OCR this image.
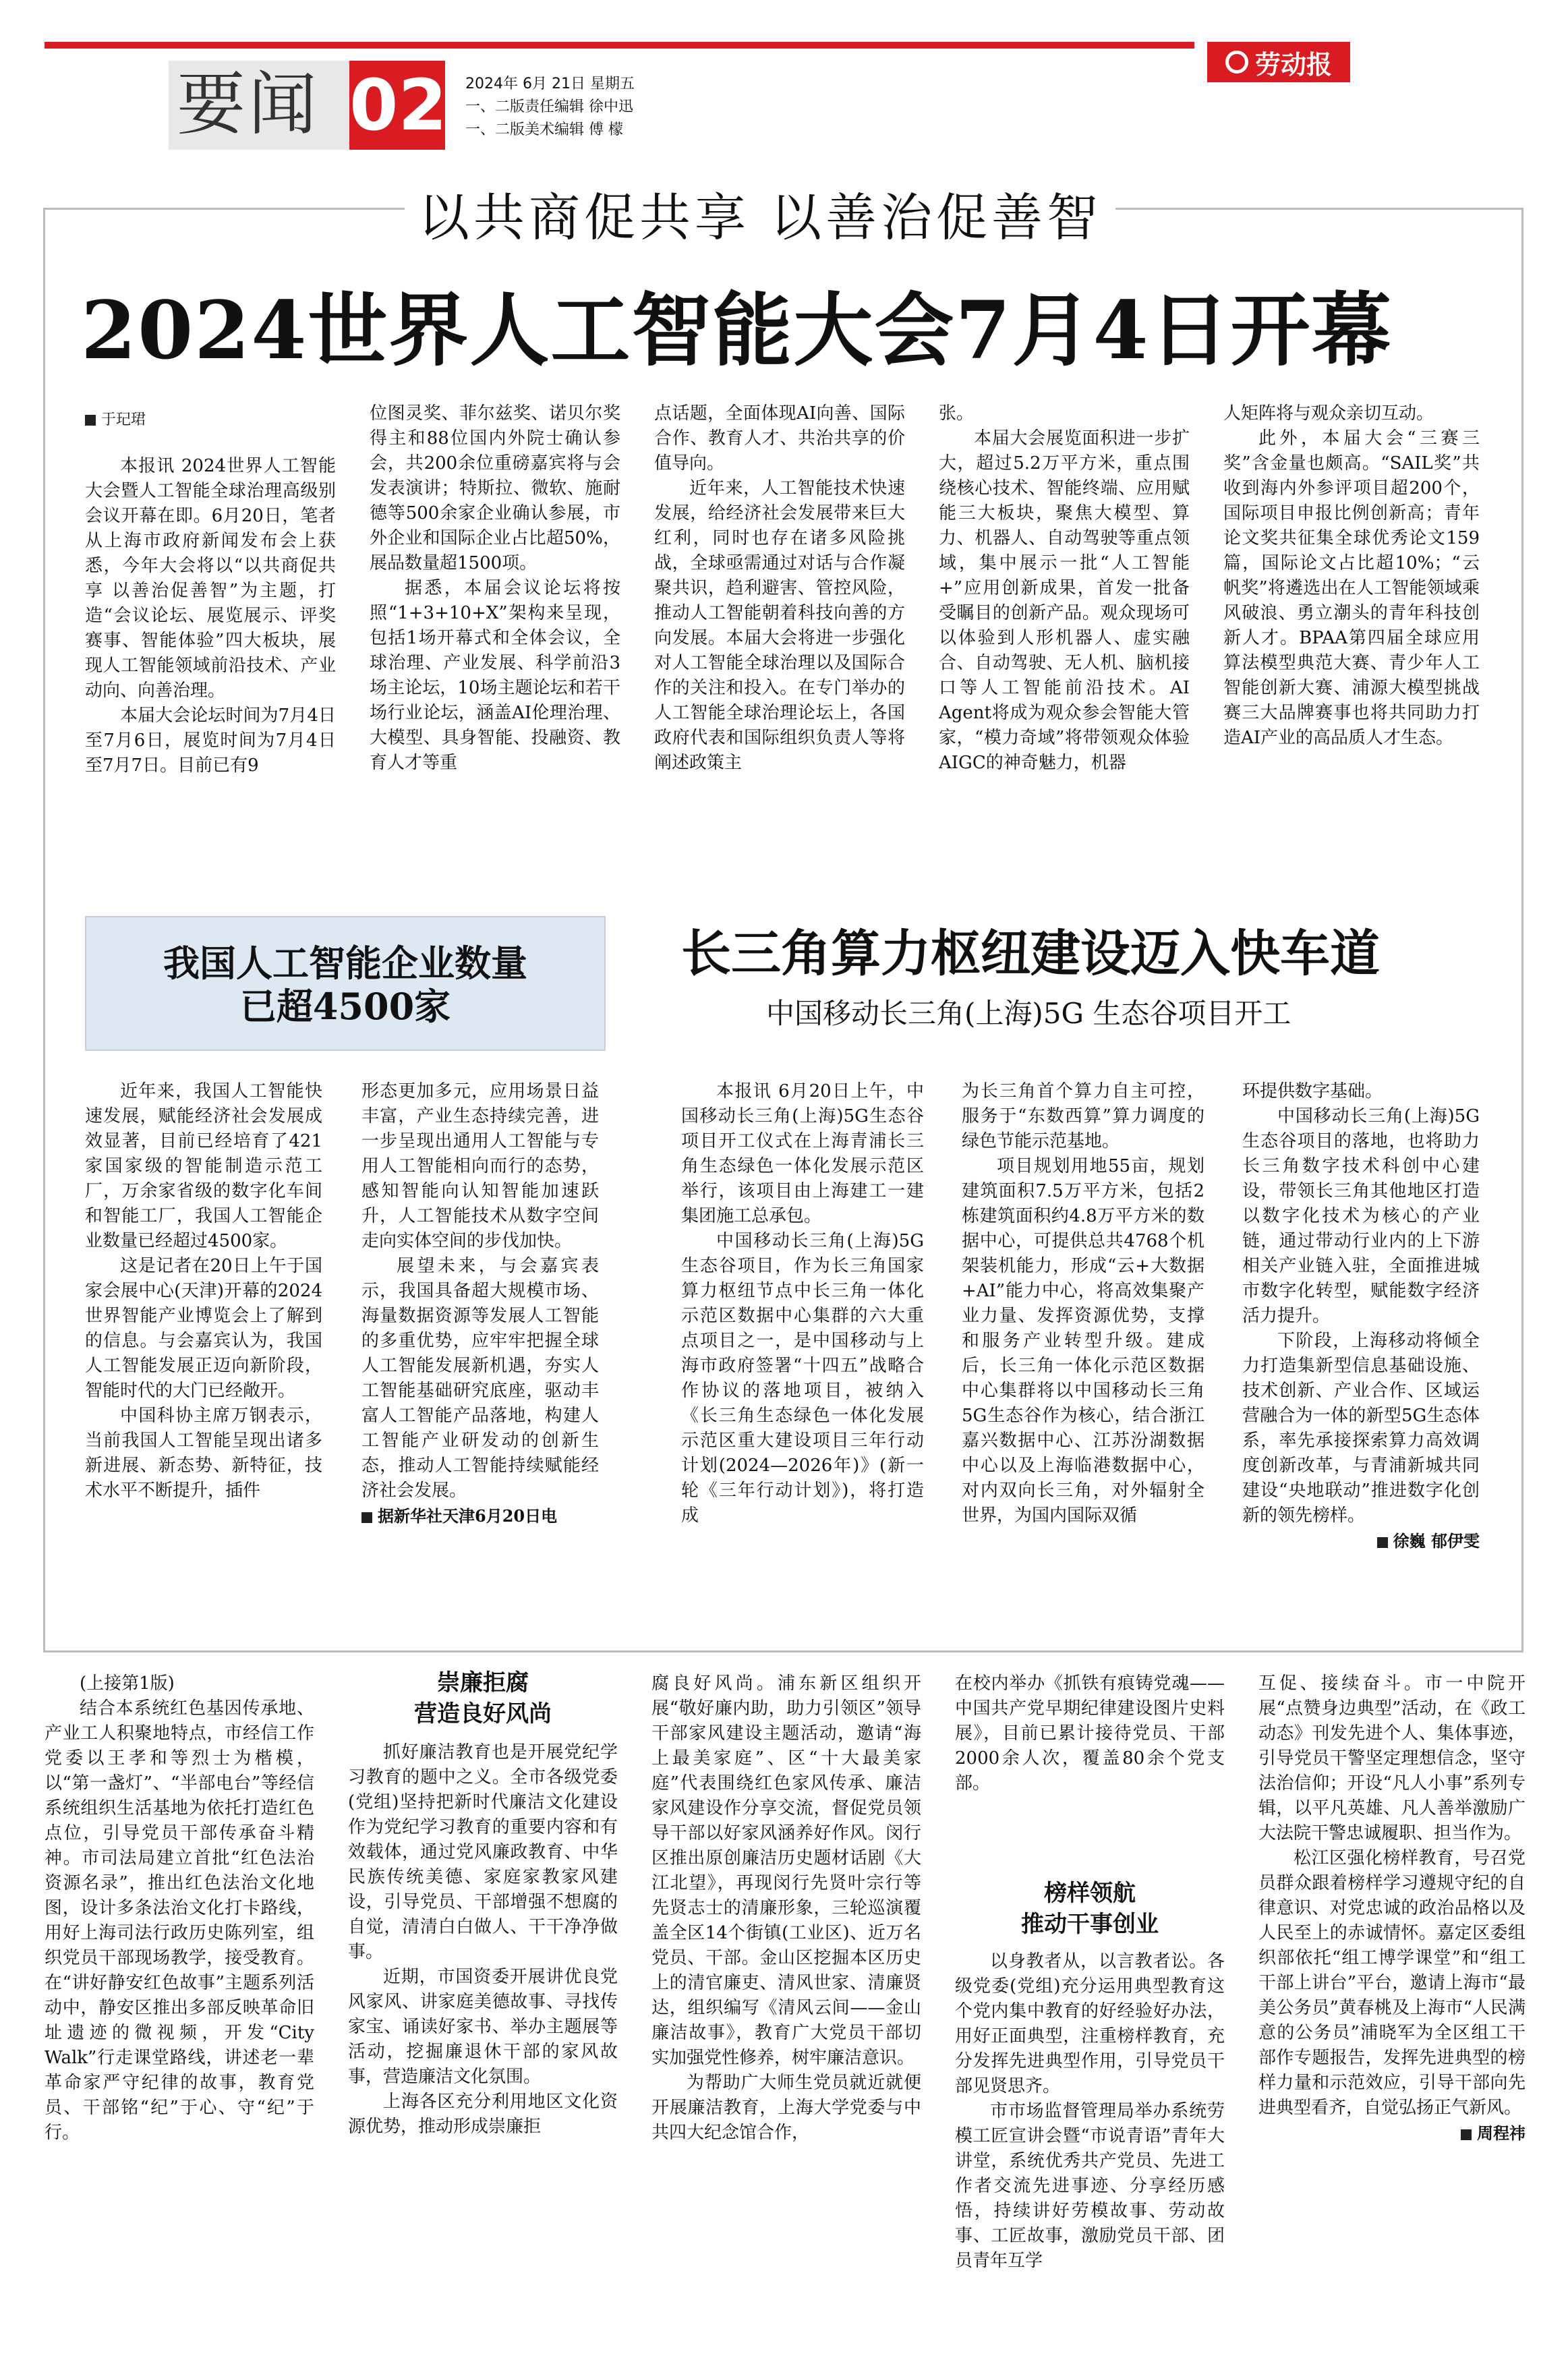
劳动报
要闻 02 2024年 6月 21日 星期五
一、二版责任编辑 徐中迅
一、二版美术编辑 傅 檬
以共商促共享 以善治促善智
2024世界人工智能大会7月4日开幕

于玘珺

本报讯 2024世界人工智能大会暨人工智能全球治理高级别会议开幕在即。6月20日，笔者从上海市政府新闻发布会上获悉，今年大会将以“以共商促共享 以善治促善智”为主题，打造“会议论坛、展览展示、评奖赛事、智能体验”四大板块，展现人工智能领域前沿技术、产业动向、向善治理。

本届大会论坛时间为7月4日至7月6日，展览时间为7月4日至7月7日。目前已有9

位图灵奖、菲尔兹奖、诺贝尔奖得主和88位国内外院士确认参会，共200余位重磅嘉宾将与会发表演讲；特斯拉、微软、施耐德等500余家企业确认参展，市外企业和国际企业占比超50%，展品数量超1500项。

据悉，本届会议论坛将按照“1+3+10+X”架构来呈现，包括1场开幕式和全体会议，全球治理、产业发展、科学前沿3场主论坛，10场主题论坛和若干场行业论坛，涵盖AI伦理治理、大模型、具身智能、投融资、教育人才等重

点话题，全面体现AI向善、国际合作、教育人才、共治共享的价值导向。

近年来，人工智能技术快速发展，给经济社会发展带来巨大红利，同时也存在诸多风险挑战，全球亟需通过对话与合作凝聚共识，趋利避害、管控风险，推动人工智能朝着科技向善的方向发展。本届大会将进一步强化对人工智能全球治理以及国际合作的关注和投入。在专门举办的人工智能全球治理论坛上，各国政府代表和国际组织负责人等将阐述政策主

张。

本届大会展览面积进一步扩大，超过5.2万平方米，重点围绕核心技术、智能终端、应用赋能三大板块，聚焦大模型、算力、机器人、自动驾驶等重点领域，集中展示一批“人工智能+”应用创新成果，首发一批备受瞩目的创新产品。观众现场可以体验到人形机器人、虚实融合、自动驾驶、无人机、脑机接口等人工智能前沿技术。AI Agent将成为观众参会智能大管家，“模力奇域”将带领观众体验AIGC的神奇魅力，机器

人矩阵将与观众亲切互动。

此外，本届大会“三赛三奖”含金量也颇高。“SAIL奖”共收到海内外参评项目超200个，国际项目申报比例创新高；青年论文奖共征集全球优秀论文159篇，国际论文占比超10%；“云帆奖”将遴选出在人工智能领域乘风破浪、勇立潮头的青年科技创新人才。BPAA第四届全球应用算法模型典范大赛、青少年人工智能创新大赛、浦源大模型挑战赛三大品牌赛事也将共同助力打造AI产业的高品质人才生态。

我国人工智能企业数量
已超4500家

近年来，我国人工智能快速发展，赋能经济社会发展成效显著，目前已经培育了421家国家级的智能制造示范工厂，万余家省级的数字化车间和智能工厂，我国人工智能企业数量已经超过4500家。

这是记者在20日上午于国家会展中心(天津)开幕的2024世界智能产业博览会上了解到的信息。与会嘉宾认为，我国人工智能发展正迈向新阶段，智能时代的大门已经敞开。

中国科协主席万钢表示，当前我国人工智能呈现出诸多新进展、新态势、新特征，技术水平不断提升，插件

形态更加多元，应用场景日益丰富，产业生态持续完善，进一步呈现出通用人工智能与专用人工智能相向而行的态势，感知智能向认知智能加速跃升，人工智能技术从数字空间走向实体空间的步伐加快。

展望未来，与会嘉宾表示，我国具备超大规模市场、海量数据资源等发展人工智能的多重优势，应牢牢把握全球人工智能发展新机遇，夯实人工智能基础研究底座，驱动丰富人工智能产品落地，构建人工智能产业研发动的创新生态，推动人工智能持续赋能经济社会发展。

据新华社天津6月20日电

长三角算力枢纽建设迈入快车道
中国移动长三角(上海)5G 生态谷项目开工

本报讯 6月20日上午，中国移动长三角(上海)5G生态谷项目开工仪式在上海青浦长三角生态绿色一体化发展示范区举行，该项目由上海建工一建集团施工总承包。

中国移动长三角(上海)5G生态谷项目，作为长三角国家算力枢纽节点中长三角一体化示范区数据中心集群的六大重点项目之一，是中国移动与上海市政府签署“十四五”战略合作协议的落地项目，被纳入《长三角生态绿色一体化发展示范区重大建设项目三年行动计划(2024—2026年)》(新一轮《三年行动计划》)，将打造成

为长三角首个算力自主可控，服务于“东数西算”算力调度的绿色节能示范基地。

项目规划用地55亩，规划建筑面积7.5万平方米，包括2栋建筑面积约4.8万平方米的数据中心，可提供总共4768个机架装机能力，形成“云+大数据+AI”能力中心，将高效集聚产业力量、发挥资源优势，支撑和服务产业转型升级。建成后，长三角一体化示范区数据中心集群将以中国移动长三角5G生态谷作为核心，结合浙江嘉兴数据中心、江苏汾湖数据中心以及上海临港数据中心，对内双向长三角，对外辐射全世界，为国内国际双循

环提供数字基础。

中国移动长三角(上海)5G生态谷项目的落地，也将助力长三角数字技术科创中心建设，带领长三角其他地区打造以数字化技术为核心的产业链，通过带动行业内的上下游相关产业链入驻，全面推进城市数字化转型，赋能数字经济活力提升。

下阶段，上海移动将倾全力打造集新型信息基础设施、技术创新、产业合作、区域运营融合为一体的新型5G生态体系，率先承接探索算力高效调度创新改革，与青浦新城共同建设“央地联动”推进数字化创新的领先榜样。

徐巍 郁伊雯

(上接第1版)

结合本系统红色基因传承地、产业工人积聚地特点，市经信工作党委以王孝和等烈士为楷模，以“第一盏灯”、“半部电台”等经信系统组织生活基地为依托打造红色点位，引导党员干部传承奋斗精神。市司法局建立首批“红色法治资源名录”，推出红色法治文化地图，设计多条法治文化打卡路线，用好上海司法行政历史陈列室，组织党员干部现场教学，接受教育。在“讲好静安红色故事”主题系列活动中，静安区推出多部反映革命旧址遗迹的微视频，开发“City Walk”行走课堂路线，讲述老一辈革命家严守纪律的故事，教育党员、干部铭“纪”于心、守“纪”于行。

崇廉拒腐
营造良好风尚

抓好廉洁教育也是开展党纪学习教育的题中之义。全市各级党委(党组)坚持把新时代廉洁文化建设作为党纪学习教育的重要内容和有效载体，通过党风廉政教育、中华民族传统美德、家庭家教家风建设，引导党员、干部增强不想腐的自觉，清清白白做人、干干净净做事。

近期，市国资委开展讲优良党风家风、讲家庭美德故事、寻找传家宝、诵读好家书、举办主题展等活动，挖掘廉退休干部的家风故事，营造廉洁文化氛围。

上海各区充分利用地区文化资源优势，推动形成崇廉拒

腐良好风尚。浦东新区组织开展“敬好廉内助，助力引领区”领导干部家风建设主题活动，邀请“海上最美家庭”、区“十大最美家庭”代表围绕红色家风传承、廉洁家风建设作分享交流，督促党员领导干部以好家风涵养好作风。闵行区推出原创廉洁历史题材话剧《大江北望》，再现闵行先贤叶宗行等先贤志士的清廉形象，三轮巡演覆盖全区14个街镇(工业区)、近万名党员、干部。金山区挖掘本区历史上的清官廉吏、清风世家、清廉贤达，组织编写《清风云间——金山廉洁故事》，教育广大党员干部切实加强党性修养，树牢廉洁意识。

为帮助广大师生党员就近就便开展廉洁教育，上海大学党委与中共四大纪念馆合作，

在校内举办《抓铁有痕铸党魂——中国共产党早期纪律建设图片史料展》，目前已累计接待党员、干部2000余人次，覆盖80余个党支部。

榜样领航
推动干事创业

以身教者从，以言教者讼。各级党委(党组)充分运用典型教育这个党内集中教育的好经验好办法，用好正面典型，注重榜样教育，充分发挥先进典型作用，引导党员干部见贤思齐。

市市场监督管理局举办系统劳模工匠宣讲会暨“市说青语”青年大讲堂，系统优秀共产党员、先进工作者交流先进事迹、分享经历感悟，持续讲好劳模故事、劳动故事、工匠故事，激励党员干部、团员青年互学

互促、接续奋斗。市一中院开展“点赞身边典型”活动，在《政工动态》刊发先进个人、集体事迹，引导党员干警坚定理想信念，坚守法治信仰；开设“凡人小事”系列专辑，以平凡英雄、凡人善举激励广大法院干警忠诚履职、担当作为。

松江区强化榜样教育，号召党员群众跟着榜样学习遵规守纪的自律意识、对党忠诚的政治品格以及人民至上的赤诚情怀。嘉定区委组织部依托“组工博学课堂”和“组工干部上讲台”平台，邀请上海市“最美公务员”黄春桃及上海市“人民满意的公务员”浦晓军为全区组工干部作专题报告，发挥先进典型的榜样力量和示范效应，引导干部向先进典型看齐，自觉弘扬正气新风。

周程祎
